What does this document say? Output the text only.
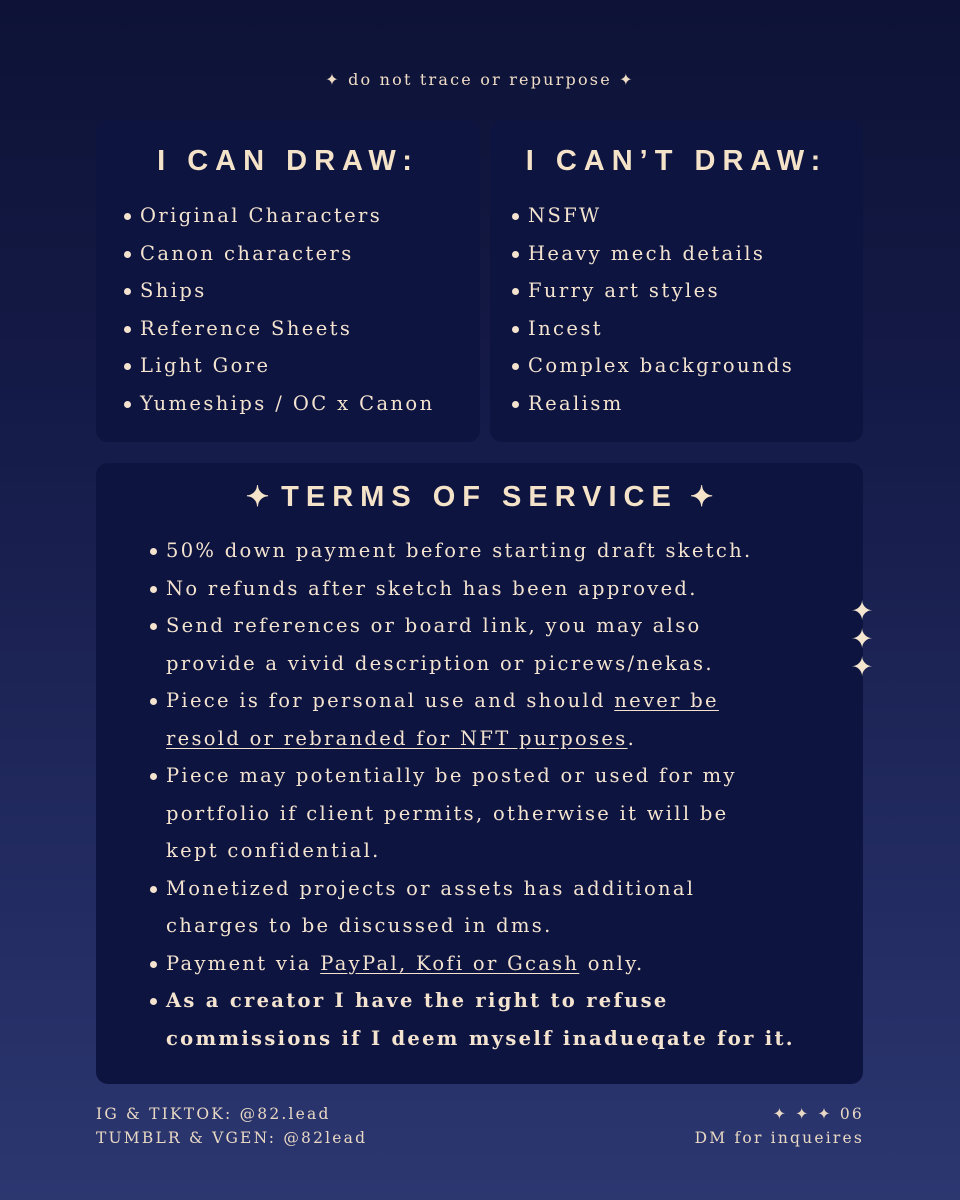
✦ do not trace or repurpose ✦
I CAN DRAW:	I CAN’T DRAW:
Original Characters
Canon characters
Ships
Reference Sheets
Light Gore
Yumeships / OC x Canon
NSFW
Heavy mech details
Furry art styles
Incest
Complex backgrounds
Realism
✦ TERMS OF SERVICE ✦
50% down payment before starting draft sketch.
No refunds after sketch has been approved.
Send references or board link, you may also
provide a vivid description or picrews/nekas.
Piece is for personal use and should never be
resold or rebranded for NFT purposes.
Piece may potentially be posted or used for my
portfolio if client permits, otherwise it will be
kept confidential.
Monetized projects or assets has additional
charges to be discussed in dms.
Payment via PayPal, Kofi or Gcash only.
As a creator I have the right to refuse
commissions if I deem myself inadueqate for it.
✦
✦
✦
IG & TIKTOK: @82.lead
TUMBLR & VGEN: @82lead
✦ ✦ ✦ 06
DM for inqueires
